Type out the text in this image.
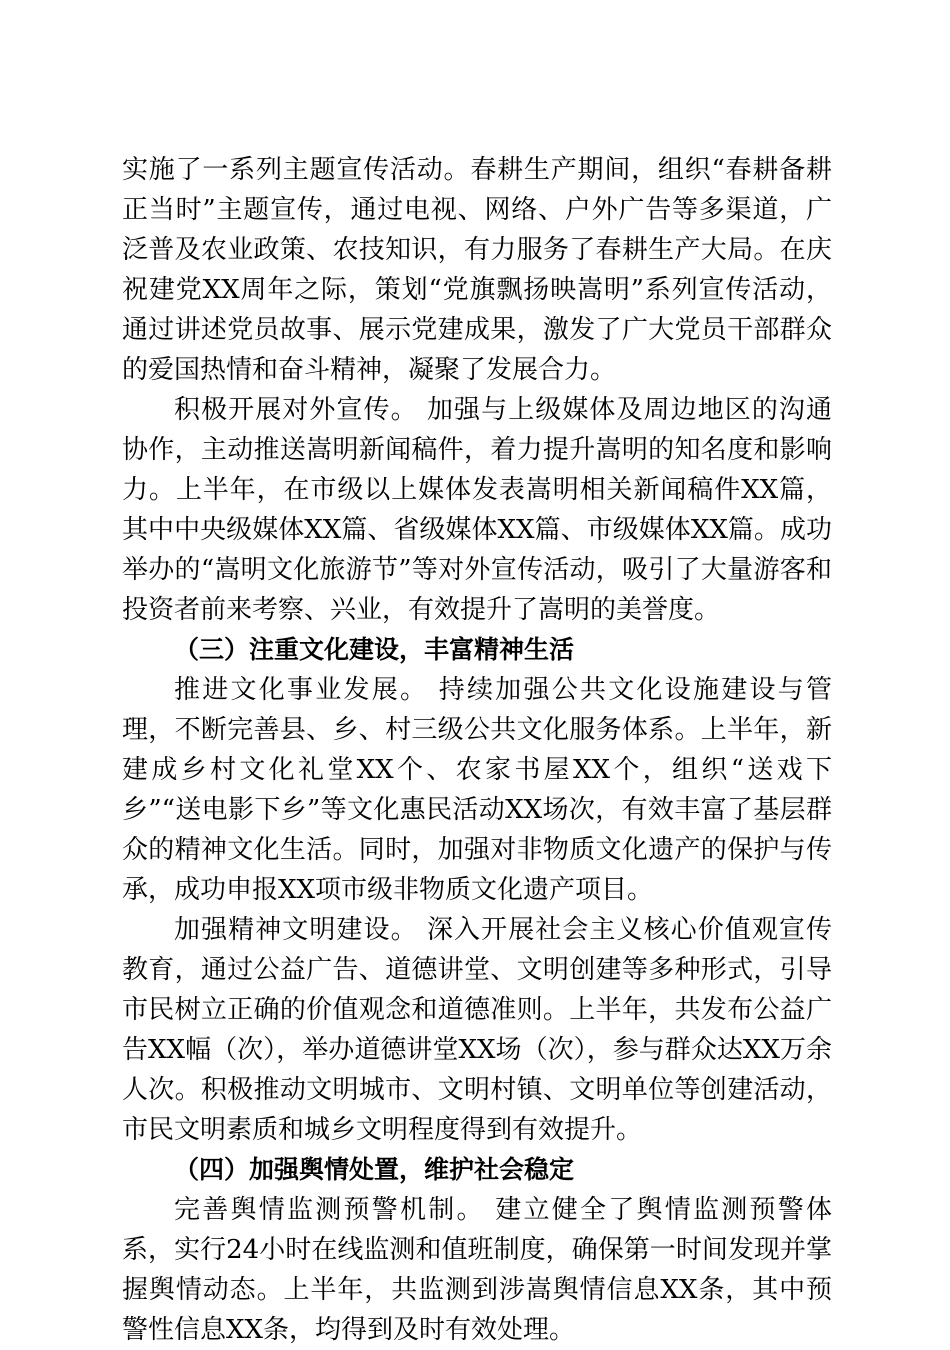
实施了一系列主题宣传活动。春耕生产期间，组织“春耕备耕正当时”主题宣传，通过电视、网络、户外广告等多渠道，广泛普及农业政策、农技知识，有力服务了春耕生产大局。在庆祝建党XX周年之际，策划“党旗飘扬映嵩明”系列宣传活动，通过讲述党员故事、展示党建成果，激发了广大党员干部群众的爱国热情和奋斗精神，凝聚了发展合力。

积极开展对外宣传。 加强与上级媒体及周边地区的沟通协作，主动推送嵩明新闻稿件，着力提升嵩明的知名度和影响力。上半年，在市级以上媒体发表嵩明相关新闻稿件XX篇，其中中央级媒体XX篇、省级媒体XX篇、市级媒体XX篇。成功举办的“嵩明文化旅游节”等对外宣传活动，吸引了大量游客和投资者前来考察、兴业，有效提升了嵩明的美誉度。

（三）注重文化建设，丰富精神生活

推进文化事业发展。 持续加强公共文化设施建设与管理，不断完善县、乡、村三级公共文化服务体系。上半年，新建成乡村文化礼堂XX个、农家书屋XX个，组织“送戏下乡”“送电影下乡”等文化惠民活动XX场次，有效丰富了基层群众的精神文化生活。同时，加强对非物质文化遗产的保护与传承，成功申报XX项市级非物质文化遗产项目。

加强精神文明建设。 深入开展社会主义核心价值观宣传教育，通过公益广告、道德讲堂、文明创建等多种形式，引导市民树立正确的价值观念和道德准则。上半年，共发布公益广告XX幅（次），举办道德讲堂XX场（次），参与群众达XX万余人次。积极推动文明城市、文明村镇、文明单位等创建活动，市民文明素质和城乡文明程度得到有效提升。

（四）加强舆情处置，维护社会稳定

完善舆情监测预警机制。 建立健全了舆情监测预警体系，实行24小时在线监测和值班制度，确保第一时间发现并掌握舆情动态。上半年，共监测到涉嵩舆情信息XX条，其中预警性信息XX条，均得到及时有效处理。
